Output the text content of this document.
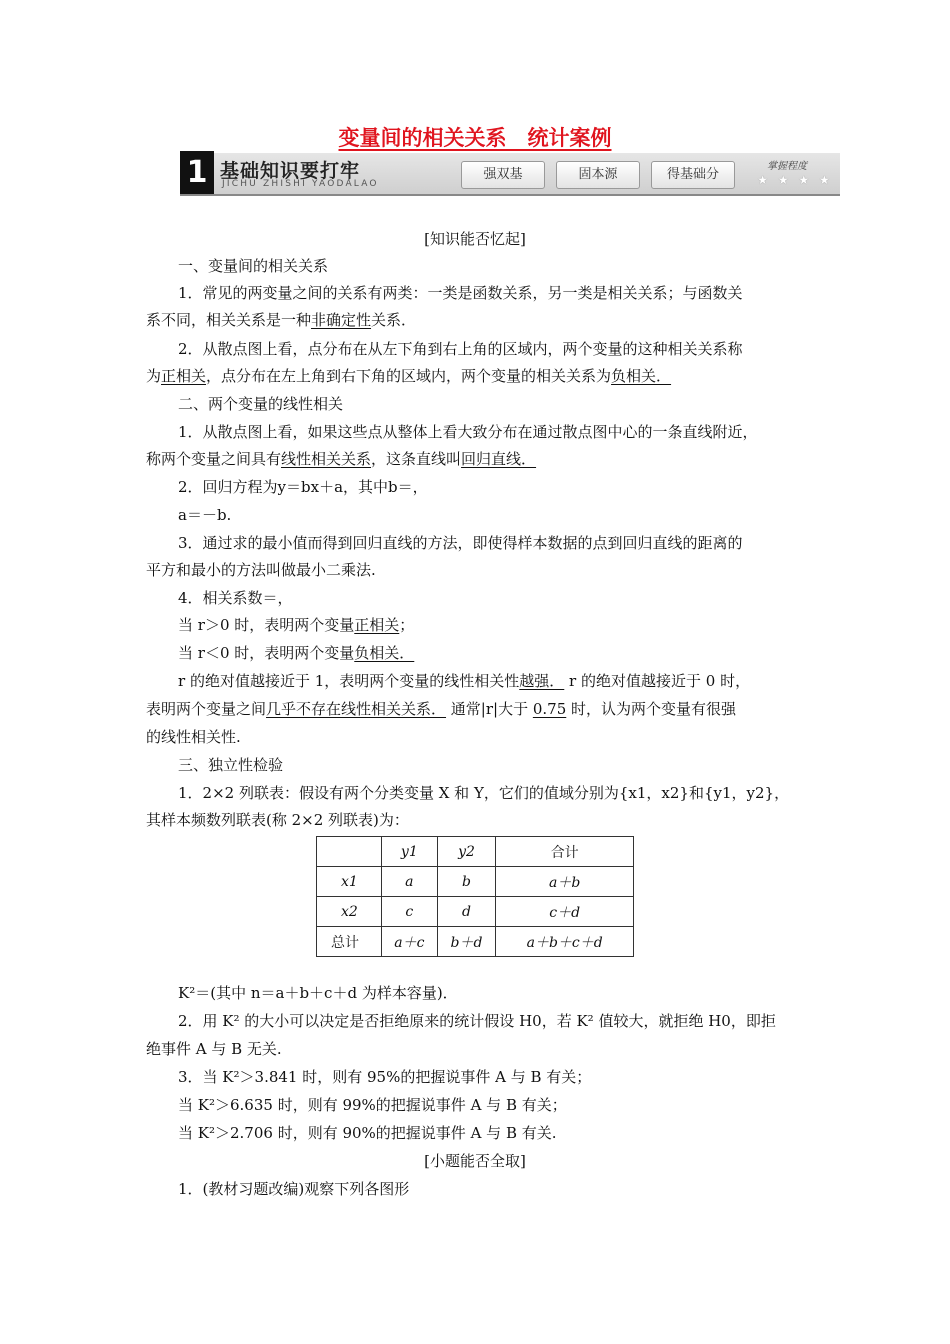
变量间的相关关系　统计案例
1 基础知识要打牢
JICHU ZHISHI YAODALAO
强双基	固本源	得基础分
掌握程度
★ ★ ★ ★
[知识能否忆起]
一、变量间的相关关系
1．常见的两变量之间的关系有两类：一类是函数关系，另一类是相关关系；与函数关
系不同，相关关系是一种非确定性关系．
2．从散点图上看，点分布在从左下角到右上角的区域内，两个变量的这种相关关系称
为正相关，点分布在左上角到右下角的区域内，两个变量的相关关系为负相关．
二、两个变量的线性相关
1．从散点图上看，如果这些点从整体上看大致分布在通过散点图中心的一条直线附近，
称两个变量之间具有线性相关关系，这条直线叫回归直线．
2．回归方程为y＝bx＋a，其中b＝，
a＝－b.
3．通过求的最小值而得到回归直线的方法，即使得样本数据的点到回归直线的距离的
平方和最小的方法叫做最小二乘法.
4．相关系数＝，
当 r＞0 时，表明两个变量正相关；
当 r＜0 时，表明两个变量负相关．
r 的绝对值越接近于 1，表明两个变量的线性相关性越强． r 的绝对值越接近于 0 时，
表明两个变量之间几乎不存在线性相关关系． 通常|r|大于 0.75 时，认为两个变量有很强
的线性相关性.
三、独立性检验
1．2×2 列联表：假设有两个分类变量 X 和 Y，它们的值域分别为{x1，x2}和{y1，y2}，
其样本频数列联表(称 2×2 列联表)为：
	y1	y2	合计
x1	a	b	a＋b
x2	c	d	c＋d
总计	a＋c	b＋d	a＋b＋c＋d
K²＝(其中 n＝a＋b＋c＋d 为样本容量)．
2．用 K² 的大小可以决定是否拒绝原来的统计假设 H0，若 K² 值较大，就拒绝 H0，即拒
绝事件 A 与 B 无关.
3．当 K²＞3.841 时，则有 95%的把握说事件 A 与 B 有关；
当 K²＞6.635 时，则有 99%的把握说事件 A 与 B 有关；
当 K²＞2.706 时，则有 90%的把握说事件 A 与 B 有关.
[小题能否全取]
1．(教材习题改编)观察下列各图形
